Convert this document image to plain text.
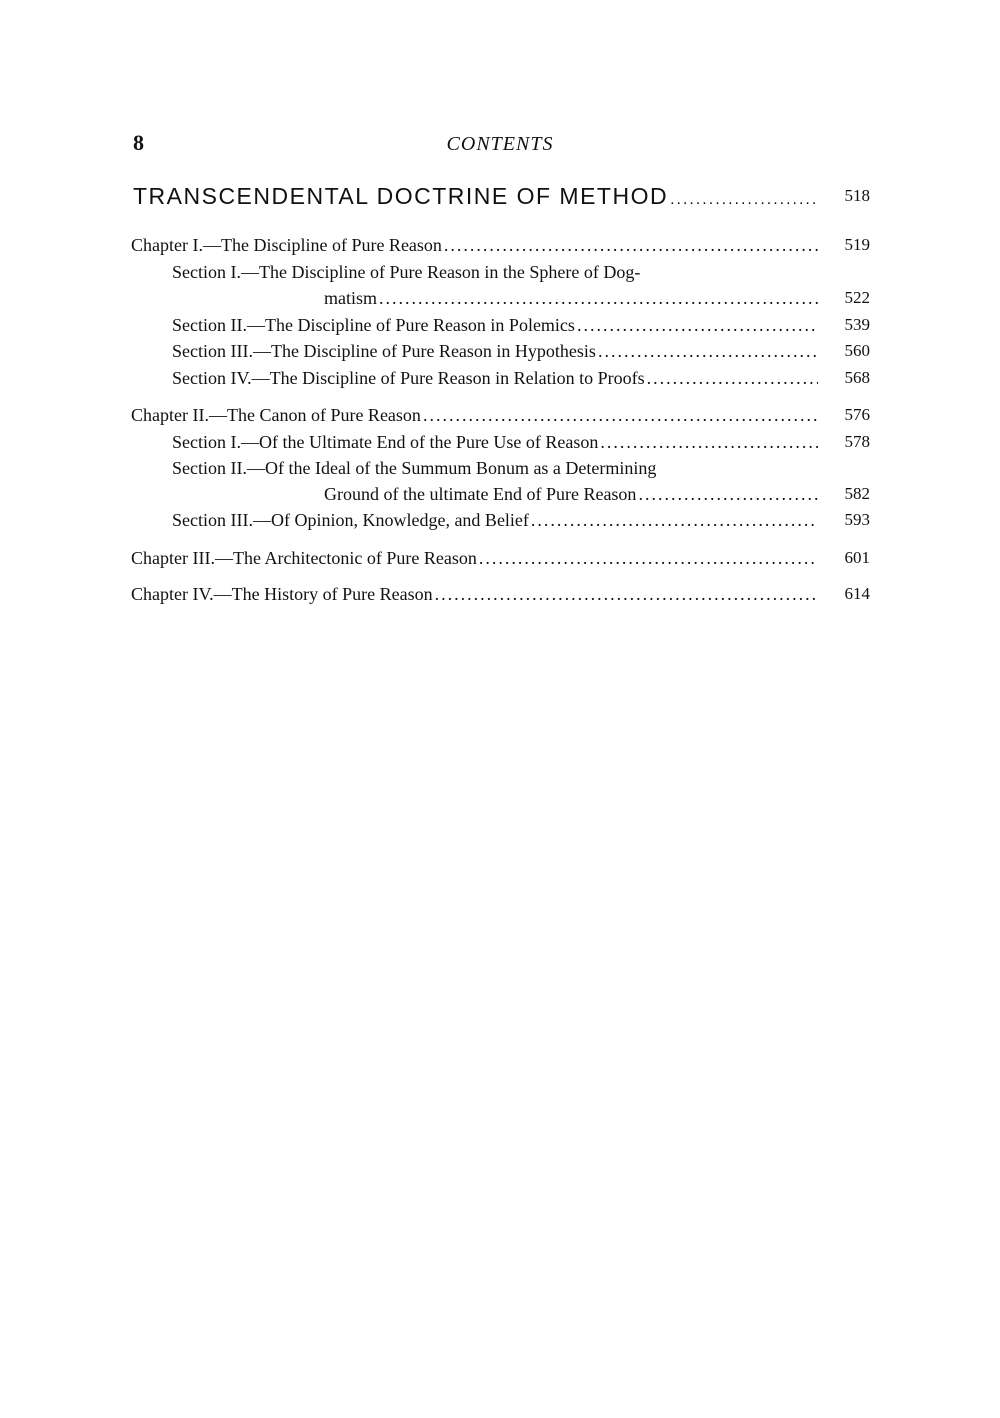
8	CONTENTS
TRANSCENDENTAL DOCTRINE OF METHOD .....	518
Chapter I.—The Discipline of Pure Reason .....	519
Section I.—The Discipline of Pure Reason in the Sphere of Dog-
matism .....	522
Section II.—The Discipline of Pure Reason in Polemics .....	539
Section III.—The Discipline of Pure Reason in Hypothesis .....	560
Section IV.—The Discipline of Pure Reason in Relation to Proofs .....	568
Chapter II.—The Canon of Pure Reason .....	576
Section I.—Of the Ultimate End of the Pure Use of Reason .....	578
Section II.—Of the Ideal of the Summum Bonum as a Determining
Ground of the ultimate End of Pure Reason .....	582
Section III.—Of Opinion, Knowledge, and Belief .....	593
Chapter III.—The Architectonic of Pure Reason .....	601
Chapter IV.—The History of Pure Reason .....	614
